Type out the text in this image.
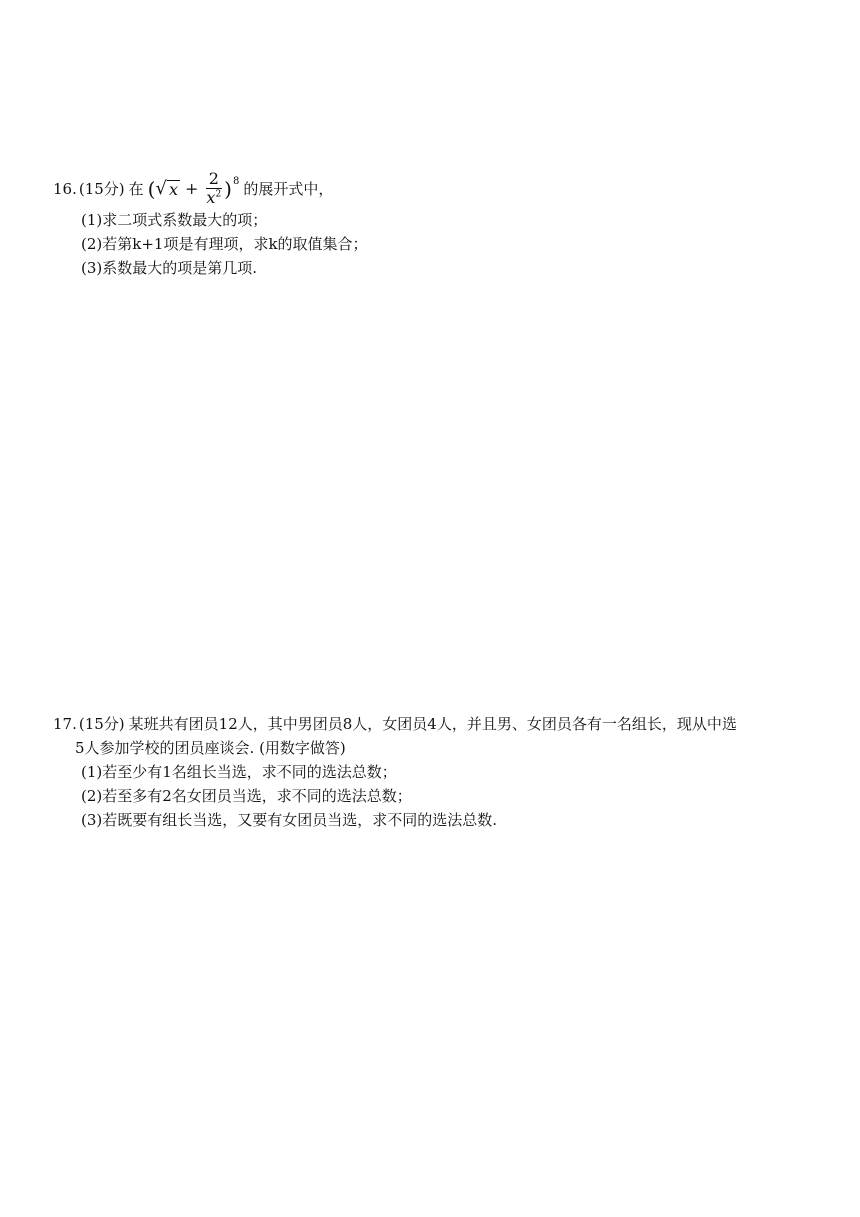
16. (15分) 在 ( √ $x + \frac{2}{x^2}$ ) 8 的展开式中，
(1)求二项式系数最大的项；
(2)若第k+1项是有理项，求k的取值集合；
(3)系数最大的项是第几项.
17. (15分) 某班共有团员12人，其中男团员8人，女团员4人，并且男、女团员各有一名组长，现从中选
5人参加学校的团员座谈会. (用数字做答)
(1)若至少有1名组长当选，求不同的选法总数；
(2)若至多有2名女团员当选，求不同的选法总数；
(3)若既要有组长当选，又要有女团员当选，求不同的选法总数.
